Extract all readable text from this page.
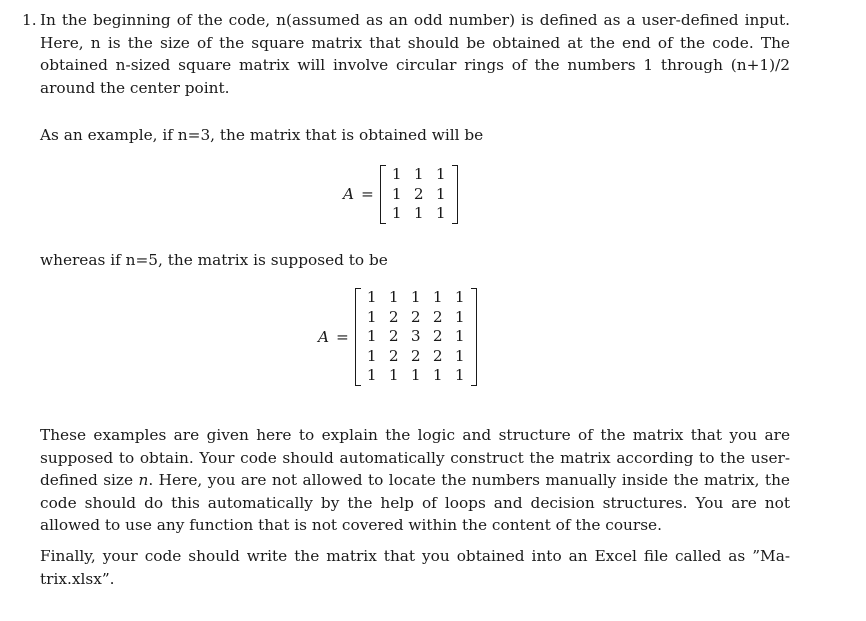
1. In the beginning of the code, n(assumed as an odd number) is defined as a user-defined input. Here, n is the size of the square matrix that should be obtained at the end of the code. The obtained n-sized square matrix will involve circular rings of the numbers 1 through (n+1)/2 around the center point.

As an example, if n=3, the matrix that is obtained will be

A =
1 1 1
1 2 1
1 1 1

whereas if n=5, the matrix is supposed to be

A =
1 1 1 1 1
1 2 2 2 1
1 2 3 2 1
1 2 2 2 1
1 1 1 1 1

These examples are given here to explain the logic and structure of the matrix that you are supposed to obtain. Your code should automatically construct the matrix according to the user-defined size n. Here, you are not allowed to locate the numbers manually inside the matrix, the code should do this automatically by the help of loops and decision structures. You are not allowed to use any function that is not covered within the content of the course.

Finally, your code should write the matrix that you obtained into an Excel file called as ”Ma-trix.xlsx”.
